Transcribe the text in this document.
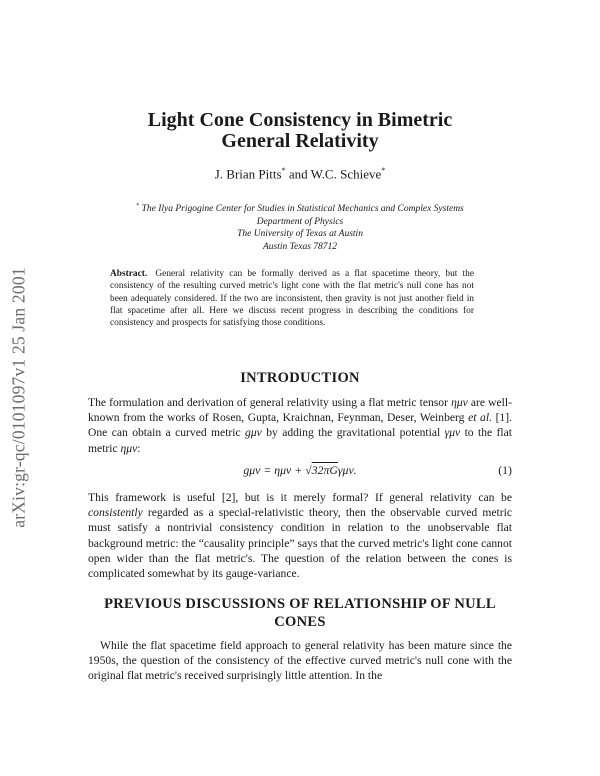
arXiv:gr-qc/0101097v1 25 Jan 2001
Light Cone Consistency in Bimetric
General Relativity
J. Brian Pitts* and W.C. Schieve*
* The Ilya Prigogine Center for Studies in Statistical Mechanics and Complex Systems
Department of Physics
The University of Texas at Austin
Austin Texas 78712
Abstract. General relativity can be formally derived as a flat spacetime theory, but the consistency of the resulting curved metric's light cone with the flat metric's null cone has not been adequately considered. If the two are inconsistent, then gravity is not just another field in flat spacetime after all. Here we discuss recent progress in describing the conditions for consistency and prospects for satisfying those conditions.
INTRODUCTION
The formulation and derivation of general relativity using a flat metric tensor ημν are well-known from the works of Rosen, Gupta, Kraichnan, Feynman, Deser, Weinberg et al. [1]. One can obtain a curved metric gμν by adding the gravitational potential γμν to the flat metric ημν:
gμν = ημν + √32πGγμν.	(1)
This framework is useful [2], but is it merely formal? If general relativity can be consistently regarded as a special-relativistic theory, then the observable curved metric must satisfy a nontrivial consistency condition in relation to the unobservable flat background metric: the “causality principle” says that the curved metric's light cone cannot open wider than the flat metric's. The question of the relation between the cones is complicated somewhat by its gauge-variance.
PREVIOUS DISCUSSIONS OF RELATIONSHIP OF NULL CONES
While the flat spacetime field approach to general relativity has been mature since the 1950s, the question of the consistency of the effective curved metric's null cone with the original flat metric's received surprisingly little attention. In the
